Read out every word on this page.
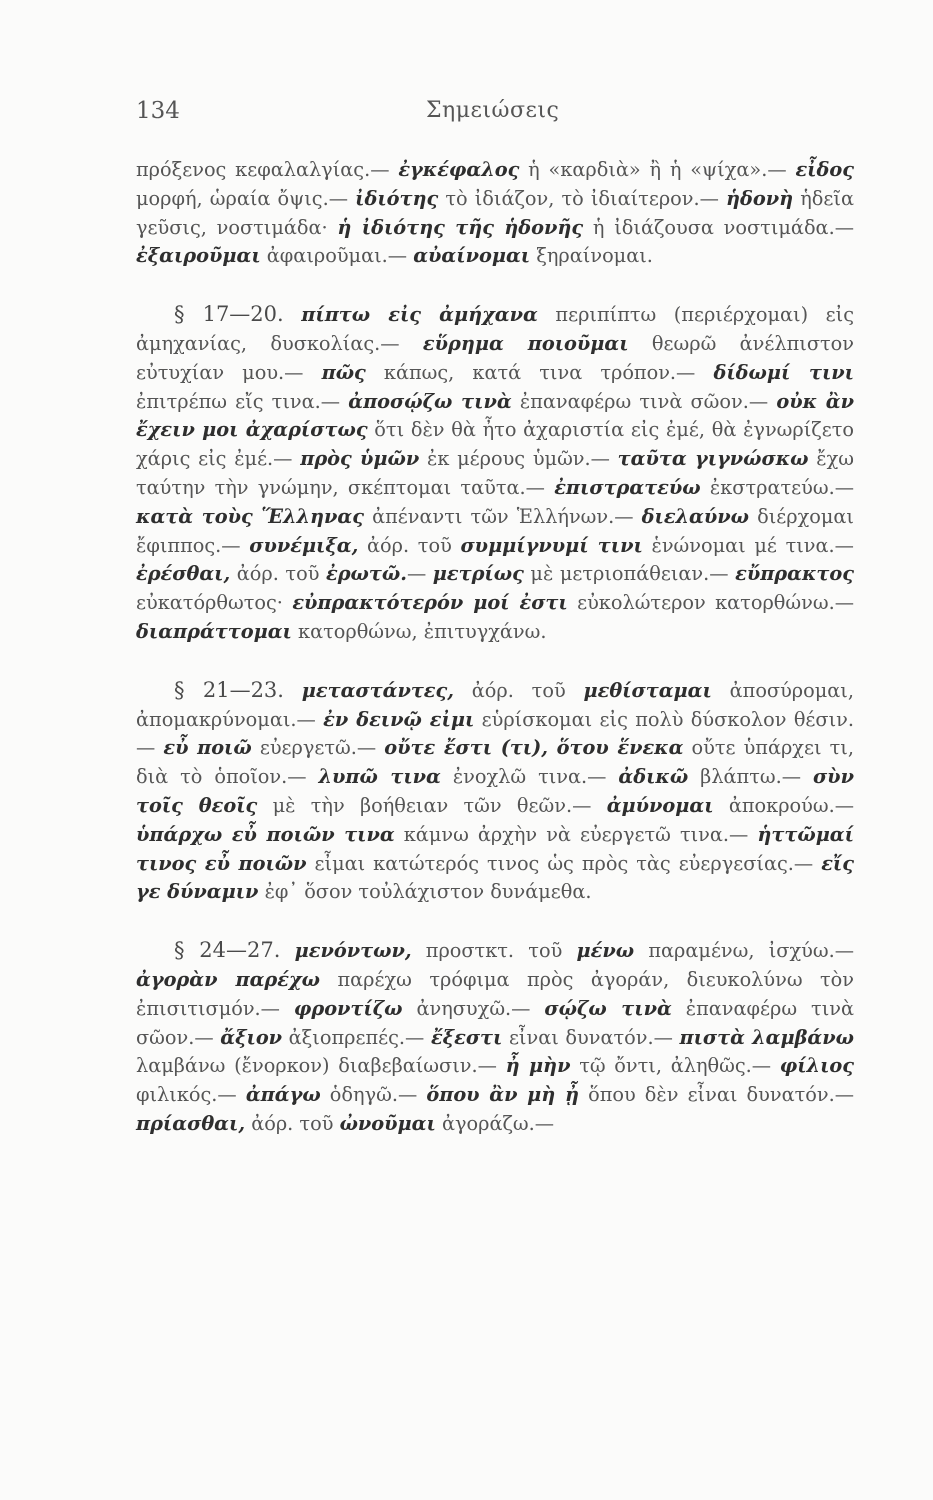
134	Σημειώσεις

πρόξενος κεφαλαλγίας.— ἐγκέφαλος ἡ «καρδιὰ» ἢ ἡ «ψίχα».— εἶδος μορφή, ὡραία ὄψις.— ἰδιότης τὸ ἰδιάζον, τὸ ἰδιαίτερον.— ἡδονὴ ἡδεῖα γεῦσις, νοστιμάδα· ἡ ἰδιότης τῆς ἡδονῆς ἡ ἰδιάζουσα νοστιμάδα.— ἐξαιροῦμαι ἀφαιροῦμαι.— αὐαίνομαι ξηραίνομαι.

§ 17—20. πίπτω εἰς ἀμήχανα περιπίπτω (περιέρχομαι) εἰς ἀμηχανίας, δυσκολίας.— εὕρημα ποιοῦμαι θεωρῶ ἀνέλπιστον εὐτυχίαν μου.— πῶς κάπως, κατά τινα τρόπον.— δίδωμί τινι ἐπιτρέπω εἴς τινα.— ἀποσῴζω τινὰ ἐπαναφέρω τινὰ σῶον.— οὐκ ἂν ἔχειν μοι ἀχαρίστως ὅτι δὲν θὰ ἦτο ἀχαριστία εἰς ἐμέ, θὰ ἐγνωρίζετο χάρις εἰς ἐμέ.— πρὸς ὑμῶν ἐκ μέρους ὑμῶν.— ταῦτα γιγνώσκω ἔχω ταύτην τὴν γνώμην, σκέπτομαι ταῦτα.— ἐπιστρατεύω ἐκστρατεύω.— κατὰ τοὺς Ἕλληνας ἀπέναντι τῶν Ἑλλήνων.— διελαύνω διέρχομαι ἔφιππος.— συνέμιξα, ἀόρ. τοῦ συμμίγνυμί τινι ἑνώνομαι μέ τινα.— ἐρέσθαι, ἀόρ. τοῦ ἐρωτῶ.— μετρίως μὲ μετριοπάθειαν.— εὔπρακτος εὐκατόρθωτος· εὐπρακτότερόν μοί ἐστι εὐκολώτερον κατορθώνω.— διαπράττομαι κατορθώνω, ἐπιτυγχάνω.

§ 21—23. μεταστάντες, ἀόρ. τοῦ μεθίσταμαι ἀποσύρομαι, ἀπομακρύνομαι.— ἐν δεινῷ εἰμι εὑρίσκομαι εἰς πολὺ δύσκολον θέσιν.— εὖ ποιῶ εὐεργετῶ.— οὔτε ἔστι (τι), ὅτου ἕνεκα οὔτε ὑπάρχει τι, διὰ τὸ ὁποῖον.— λυπῶ τινα ἐνοχλῶ τινα.— ἀδικῶ βλάπτω.— σὺν τοῖς θεοῖς μὲ τὴν βοήθειαν τῶν θεῶν.— ἀμύνομαι ἀποκρούω.— ὑπάρχω εὖ ποιῶν τινα κάμνω ἀρχὴν νὰ εὐεργετῶ τινα.— ἡττῶμαί τινος εὖ ποιῶν εἶμαι κατώτερός τινος ὡς πρὸς τὰς εὐεργεσίας.— εἴς γε δύναμιν ἐφ᾽ ὅσον τοὐλάχιστον δυνάμεθα.

§ 24—27. μενόντων, προστκτ. τοῦ μένω παραμένω, ἰσχύω.— ἀγορὰν παρέχω παρέχω τρόφιμα πρὸς ἀγοράν, διευκολύνω τὸν ἐπισιτισμόν.— φροντίζω ἀνησυχῶ.— σῴζω τινὰ ἐπαναφέρω τινὰ σῶον.— ἄξιον ἀξιοπρεπές.— ἔξεστι εἶναι δυνατόν.— πιστὰ λαμβάνω λαμβάνω (ἔνορκον) διαβεβαίωσιν.— ἦ μὴν τῷ ὄντι, ἀληθῶς.— φίλιος φιλικός.— ἀπάγω ὁδηγῶ.— ὅπου ἂν μὴ ᾖ ὅπου δὲν εἶναι δυνατόν.— πρίασθαι, ἀόρ. τοῦ ὠνοῦμαι ἀγοράζω.—
